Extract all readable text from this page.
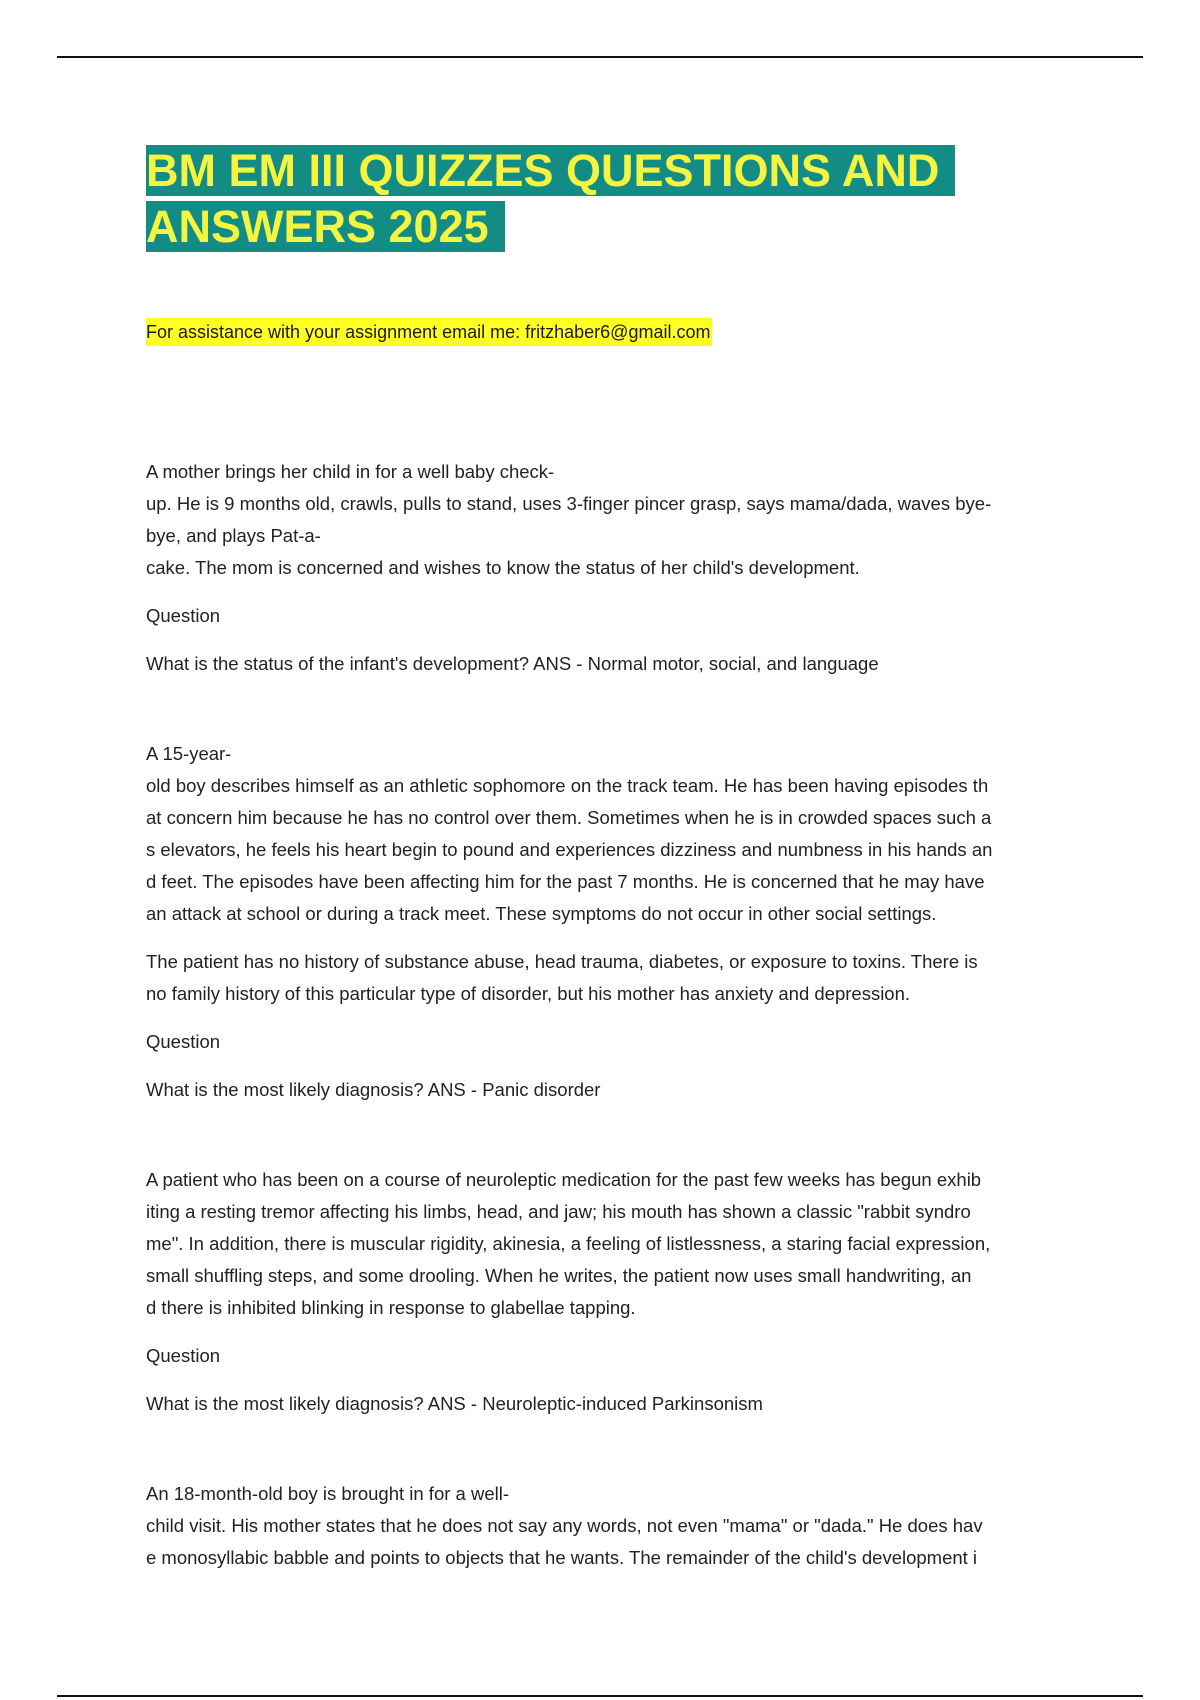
BM EM III QUIZZES QUESTIONS AND ANSWERS 2025
For assistance with your assignment email me: fritzhaber6@gmail.com

A mother brings her child in for a well baby check-

up. He is 9 months old, crawls, pulls to stand, uses 3-finger pincer grasp, says mama/dada, waves bye-

bye, and plays Pat-a-

cake. The mom is concerned and wishes to know the status of her child's development.

Question

What is the status of the infant's development? ANS - Normal motor, social, and language

A 15-year-

old boy describes himself as an athletic sophomore on the track team. He has been having episodes th

at concern him because he has no control over them. Sometimes when he is in crowded spaces such a

s elevators, he feels his heart begin to pound and experiences dizziness and numbness in his hands an

d feet. The episodes have been affecting him for the past 7 months. He is concerned that he may have

an attack at school or during a track meet. These symptoms do not occur in other social settings.

The patient has no history of substance abuse, head trauma, diabetes, or exposure to toxins. There is

no family history of this particular type of disorder, but his mother has anxiety and depression.

Question

What is the most likely diagnosis? ANS - Panic disorder

A patient who has been on a course of neuroleptic medication for the past few weeks has begun exhib

iting a resting tremor affecting his limbs, head, and jaw; his mouth has shown a classic "rabbit syndro

me". In addition, there is muscular rigidity, akinesia, a feeling of listlessness, a staring facial expression,

small shuffling steps, and some drooling. When he writes, the patient now uses small handwriting, an

d there is inhibited blinking in response to glabellae tapping.

Question

What is the most likely diagnosis? ANS - Neuroleptic-induced Parkinsonism

An 18-month-old boy is brought in for a well-

child visit. His mother states that he does not say any words, not even "mama" or "dada." He does hav

e monosyllabic babble and points to objects that he wants. The remainder of the child's development i
